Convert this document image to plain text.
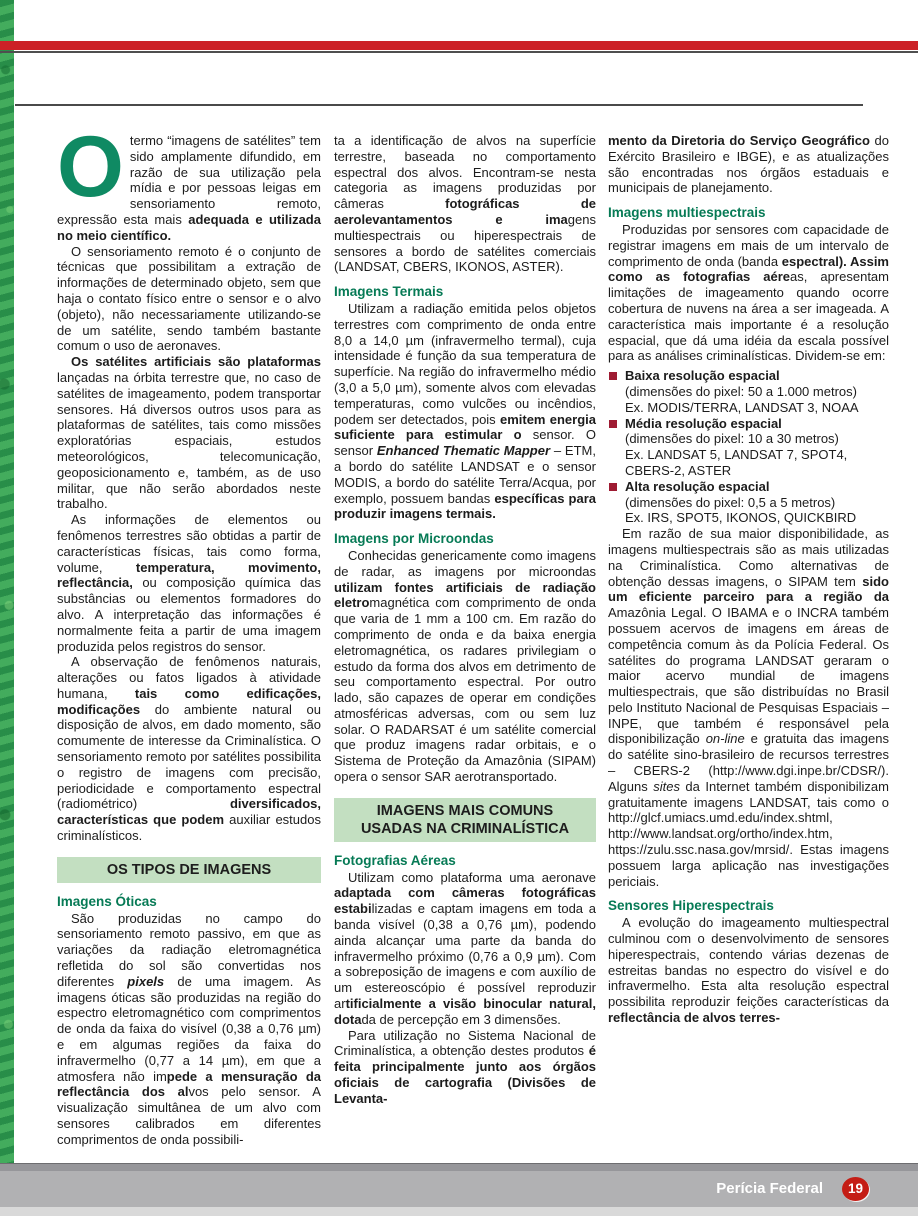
Otermo “imagens de satélites” tem sido amplamente difundido, em razão de sua utilização pela mídia e por pessoas leigas em sensoriamento remoto, expressão esta mais adequada e utilizada no meio científico.

O sensoriamento remoto é o conjunto de técnicas que possibilitam a extração de informações de determinado objeto, sem que haja o contato físico entre o sensor e o alvo (objeto), não necessariamente utilizando-se de um satélite, sendo também bastante comum o uso de aeronaves.

Os satélites artificiais são plataformas lançadas na órbita terrestre que, no caso de satélites de imageamento, podem transportar sensores. Há diversos outros usos para as plataformas de satélites, tais como missões exploratórias espaciais, estudos meteorológicos, telecomunicação, geoposicionamento e, também, as de uso militar, que não serão abordados neste trabalho.

As informações de elementos ou fenômenos terrestres são obtidas a partir de características físicas, tais como forma, volume, temperatura, movimento, reflectância, ou composição química das substâncias ou elementos formadores do alvo. A interpretação das informações é normalmente feita a partir de uma imagem produzida pelos registros do sensor.

A observação de fenômenos naturais, alterações ou fatos ligados à atividade humana, tais como edificações, modificações do ambiente natural ou disposição de alvos, em dado momento, são comumente de interesse da Criminalística. O sensoriamento remoto por satélites possibilita o registro de imagens com precisão, periodicidade e comportamento espectral (radiométrico) diversificados, características que podem auxiliar estudos criminalísticos.

OS TIPOS DE IMAGENS
Imagens Óticas

São produzidas no campo do sensoriamento remoto passivo, em que as variações da radiação eletromagnética refletida do sol são convertidas nos diferentes pixels de uma imagem. As imagens óticas são produzidas na região do espectro eletromagnético com comprimentos de onda da faixa do visível (0,38 a 0,76 µm) e em algumas regiões da faixa do infravermelho (0,77 a 14 µm), em que a atmosfera não impede a mensuração da reflectância dos alvos pelo sensor. A visualização simultânea de um alvo com sensores calibrados em diferentes comprimentos de onda possibili-

ta a identificação de alvos na superfície terrestre, baseada no comportamento espectral dos alvos. Encontram-se nesta categoria as imagens produzidas por câmeras fotográficas de aerolevantamentos e imagens multiespectrais ou hiperespectrais de sensores a bordo de satélites comerciais (LANDSAT, CBERS, IKONOS, ASTER).

Imagens Termais

Utilizam a radiação emitida pelos objetos terrestres com comprimento de onda entre 8,0 a 14,0 µm (infravermelho termal), cuja intensidade é função da sua temperatura de superfície. Na região do infravermelho médio (3,0 a 5,0 µm), somente alvos com elevadas temperaturas, como vulcões ou incêndios, podem ser detectados, pois emitem energia suficiente para estimular o sensor. O sensor Enhanced Thematic Mapper – ETM, a bordo do satélite LANDSAT e o sensor MODIS, a bordo do satélite Terra/Acqua, por exemplo, possuem bandas específicas para produzir imagens termais.

Imagens por Microondas

Conhecidas genericamente como imagens de radar, as imagens por microondas utilizam fontes artificiais de radiação eletromagnética com comprimento de onda que varia de 1 mm a 100 cm. Em razão do comprimento de onda e da baixa energia eletromagnética, os radares privilegiam o estudo da forma dos alvos em detrimento de seu comportamento espectral. Por outro lado, são capazes de operar em condições atmosféricas adversas, com ou sem luz solar. O RADARSAT é um satélite comercial que produz imagens radar orbitais, e o Sistema de Proteção da Amazônia (SIPAM) opera o sensor SAR aerotransportado.

IMAGENS MAIS COMUNS
USADAS NA CRIMINALÍSTICA
Fotografias Aéreas

Utilizam como plataforma uma aeronave adaptada com câmeras fotográficas estabilizadas e captam imagens em toda a banda visível (0,38 a 0,76 µm), podendo ainda alcançar uma parte da banda do infravermelho próximo (0,76 a 0,9 µm). Com a sobreposição de imagens e com auxílio de um estereoscópio é possível reproduzir artificialmente a visão binocular natural, dotada de percepção em 3 dimensões.

Para utilização no Sistema Nacional de Criminalística, a obtenção destes produtos é feita principalmente junto aos órgãos oficiais de cartografia (Divisões de Levanta-

mento da Diretoria do Serviço Geográfico do Exército Brasileiro e IBGE), e as atualizações são encontradas nos órgãos estaduais e municipais de planejamento.

Imagens multiespectrais

Produzidas por sensores com capacidade de registrar imagens em mais de um intervalo de comprimento de onda (banda espectral). Assim como as fotografias aéreas, apresentam limitações de imageamento quando ocorre cobertura de nuvens na área a ser imageada. A característica mais importante é a resolução espacial, que dá uma idéia da escala possível para as análises criminalísticas. Dividem-se em:

Baixa resolução espacial
(dimensões do pixel: 50 a 1.000 metros)
Ex. MODIS/TERRA, LANDSAT 3, NOAA
Média resolução espacial
(dimensões do pixel: 10 a 30 metros)
Ex. LANDSAT 5, LANDSAT 7, SPOT4, CBERS-2, ASTER
Alta resolução espacial
(dimensões do pixel: 0,5 a 5 metros)
Ex. IRS, SPOT5, IKONOS, QUICKBIRD

Em razão de sua maior disponibilidade, as imagens multiespectrais são as mais utilizadas na Criminalística. Como alternativas de obtenção dessas imagens, o SIPAM tem sido um eficiente parceiro para a região da Amazônia Legal. O IBAMA e o INCRA também possuem acervos de imagens em áreas de competência comum às da Polícia Federal. Os satélites do programa LANDSAT geraram o maior acervo mundial de imagens multiespectrais, que são distribuídas no Brasil pelo Instituto Nacional de Pesquisas Espaciais – INPE, que também é responsável pela disponibilização on-line e gratuita das imagens do satélite sino-brasileiro de recursos terrestres – CBERS-2 (http://www.dgi.inpe.br/CDSR/). Alguns sites da Internet também disponibilizam gratuitamente imagens LANDSAT, tais como o http://glcf.umiacs.umd.edu/index.shtml, http://www.landsat.org/ortho/index.htm, https://zulu.ssc.nasa.gov/mrsid/. Estas imagens possuem larga aplicação nas investigações periciais.

Sensores Hiperespectrais

A evolução do imageamento multiespectral culminou com o desenvolvimento de sensores hiperespectrais, contendo várias dezenas de estreitas bandas no espectro do visível e do infravermelho. Esta alta resolução espectral possibilita reproduzir feições características da reflectância de alvos terres-

Perícia Federal	19
